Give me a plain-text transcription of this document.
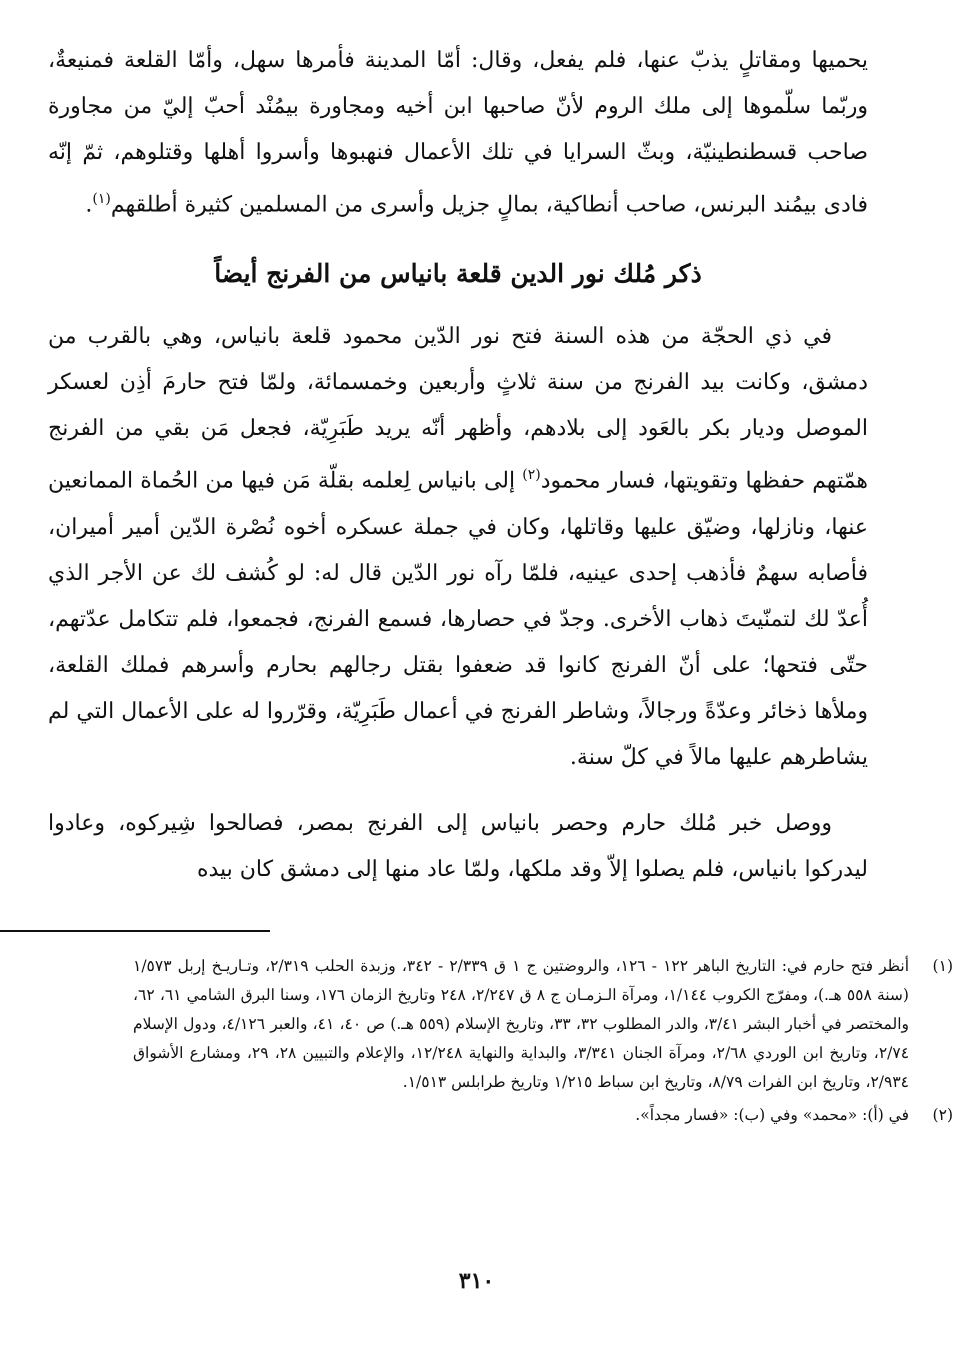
يحميها ومقاتلٍ يذبّ عنها، فلم يفعل، وقال: أمّا المدينة فأمرها سهل، وأمّا القلعة فمنيعةٌ، وربّما سلّموها إلى ملك الروم لأنّ صاحبها ابن أخيه ومجاورة بيمُنْد أحبّ إليّ من مجاورة صاحب قسطنطينيّة، وبثّ السرايا في تلك الأعمال فنهبوها وأسروا أهلها وقتلوهم، ثمّ إنّه فادى بيمُند البرنس، صاحب أنطاكية، بمالٍ جزيل وأسرى من المسلمين كثيرة أطلقهم$^{(١)}$.

ذكر مُلك نور الدين قلعة بانياس من الفرنج أيضاً

في ذي الحجّة من هذه السنة فتح نور الدّين محمود قلعة بانياس، وهي بالقرب من دمشق، وكانت بيد الفرنج من سنة ثلاثٍ وأربعين وخمسمائة، ولمّا فتح حارمَ أذِن لعسكر الموصل وديار بكر بالعَود إلى بلادهم، وأظهر أنّه يريد طَبَرِيّة، فجعل مَن بقي من الفرنج همّتهم حفظها وتقويتها، فسار محمود$^{(٢)}$ إلى بانياس لِعلمه بقلّة مَن فيها من الحُماة الممانعين عنها، ونازلها، وضيّق عليها وقاتلها، وكان في جملة عسكره أخوه نُصْرة الدّين أمير أميران، فأصابه سهمٌ فأذهب إحدى عينيه، فلمّا رآه نور الدّين قال له: لو كُشف لك عن الأجر الذي أُعدّ لك لتمنّيتَ ذهاب الأخرى. وجدّ في حصارها، فسمع الفرنج، فجمعوا، فلم تتكامل عدّتهم، حتّى فتحها؛ على أنّ الفرنج كانوا قد ضعفوا بقتل رجالهم بحارم وأسرهم فملك القلعة، وملأها ذخائر وعدّةً ورجالاً، وشاطر الفرنج في أعمال طَبَرِيّة، وقرّروا له على الأعمال التي لم يشاطرهم عليها مالاً في كلّ سنة.

ووصل خبر مُلك حارم وحصر بانياس إلى الفرنج بمصر، فصالحوا شِيركوه، وعادوا ليدركوا بانياس، فلم يصلوا إلاّ وقد ملكها، ولمّا عاد منها إلى دمشق كان بيده

(١)
أنظر فتح حارم في: التاريخ الباهر ١٢٢ - ١٢٦، والروضتين ج ١ ق ٢/٣٣٩ - ٣٤٢، وزبدة الحلب ٢/٣١٩، وتـاريـخ إربل ١/٥٧٣ (سنة ٥٥٨ هـ.)، ومفرّج الكروب ١/١٤٤، ومرآة الـزمـان ج ٨ ق ٢/٢٤٧، ٢٤٨ وتاريخ الزمان ١٧٦، وسنا البرق الشامي ٦١، ٦٢، والمختصر في أخبار البشر ٣/٤١، والدر المطلوب ٣٢، ٣٣، وتاريخ الإسلام (٥٥٩ هـ.) ص ٤٠، ٤١، والعبر ٤/١٢٦، ودول الإسلام ٢/٧٤، وتاريخ ابن الوردي ٢/٦٨، ومرآة الجنان ٣/٣٤١، والبداية والنهاية ١٢/٢٤٨، والإعلام والتبيين ٢٨، ٢٩، ومشارع الأشواق ٢/٩٣٤، وتاريخ ابن الفرات ٨/٧٩، وتاريخ ابن سباط ١/٢١٥ وتاريخ طرابلس ١/٥١٣.
(٢)
في (أ): «محمد» وفي (ب): «فسار مجداً».
٣١٠
